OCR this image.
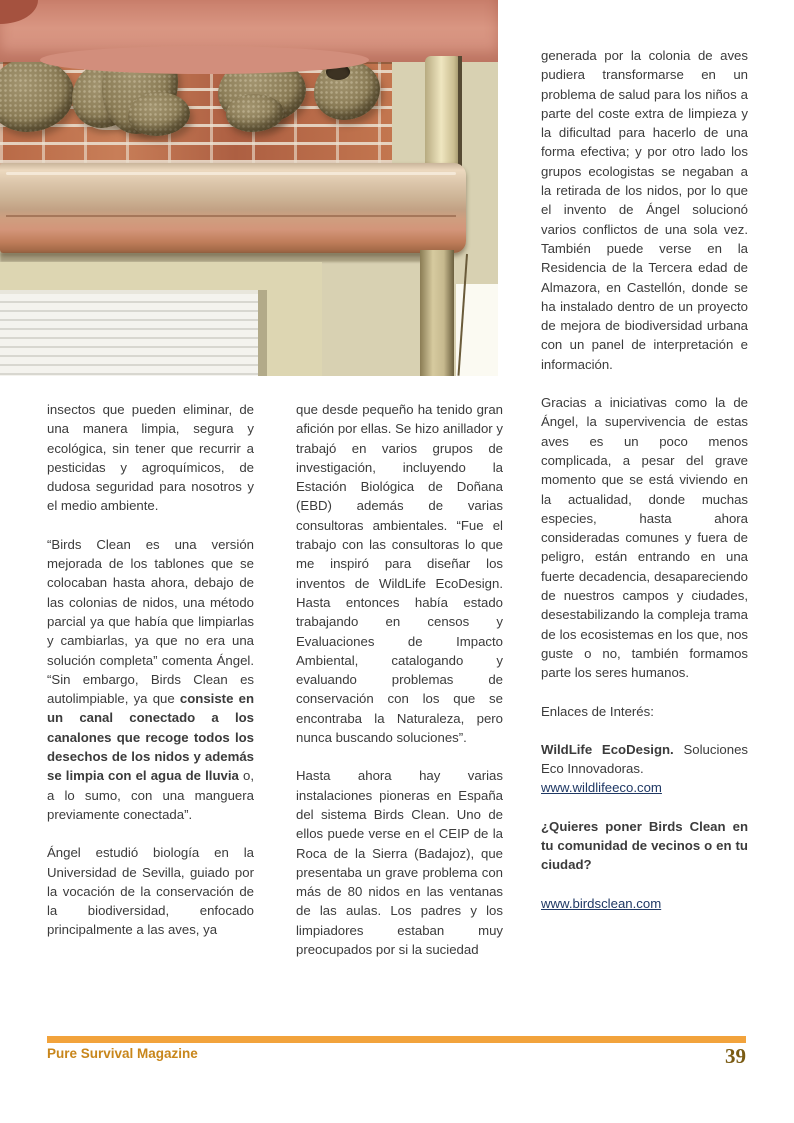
insectos que pueden eliminar, de una manera limpia, segura y ecológica, sin tener que recurrir a pesticidas y agroquímicos, de dudosa seguridad para nosotros y el medio ambiente.

“Birds Clean es una versión mejorada de los tablones que se colocaban hasta ahora, debajo de las colonias de nidos, una método parcial ya que había que limpiarlas y cambiarlas, ya que no era una solución completa” comenta Ángel. “Sin embargo, Birds Clean es autolimpiable, ya que consiste en un canal conectado a los canalones que recoge todos los desechos de los nidos y además se limpia con el agua de lluvia o, a lo sumo, con una manguera previamente conectada”.

Ángel estudió biología en la Universidad de Sevilla, guiado por la vocación de la conservación de la biodiversidad, enfocado principalmente a las aves, ya

que desde pequeño ha tenido gran afición por ellas. Se hizo anillador y trabajó en varios grupos de investigación, incluyendo la Estación Biológica de Doñana (EBD) además de varias consultoras ambientales. “Fue el trabajo con las consultoras lo que me inspiró para diseñar los inventos de WildLife EcoDesign. Hasta entonces había estado trabajando en censos y Evaluaciones de Impacto Ambiental, catalogando y evaluando problemas de conservación con los que se encontraba la Naturaleza, pero nunca buscando soluciones”.

Hasta ahora hay varias instalaciones pioneras en España del sistema Birds Clean. Uno de ellos puede verse en el CEIP de la Roca de la Sierra (Badajoz), que presentaba un grave problema con más de 80 nidos en las ventanas de las aulas. Los padres y los limpiadores estaban muy preocupados por si la suciedad

generada por la colonia de aves pudiera transformarse en un problema de salud para los niños a parte del coste extra de limpieza y la dificultad para hacerlo de una forma efectiva; y por otro lado los grupos ecologistas se negaban a la retirada de los nidos, por lo que el invento de Ángel solucionó varios conflictos de una sola vez. También puede verse en la Residencia de la Tercera edad de Almazora, en Castellón, donde se ha instalado dentro de un proyecto de mejora de biodiversidad urbana con un panel de interpretación e información.

Gracias a iniciativas como la de Ángel, la supervivencia de estas aves es un poco menos complicada, a pesar del grave momento que se está viviendo en la actualidad, donde muchas especies, hasta ahora consideradas comunes y fuera de peligro, están entrando en una fuerte decadencia, desapareciendo de nuestros campos y ciudades, desestabilizando la compleja trama de los ecosistemas en los que, nos guste o no, también formamos parte los seres humanos.

Enlaces de Interés:

WildLife EcoDesign. Soluciones Eco Innovadoras.
www.wildlifeeco.com

¿Quieres poner Birds Clean en tu comunidad de vecinos o en tu ciudad?

www.birdsclean.com

Pure Survival Magazine	39
